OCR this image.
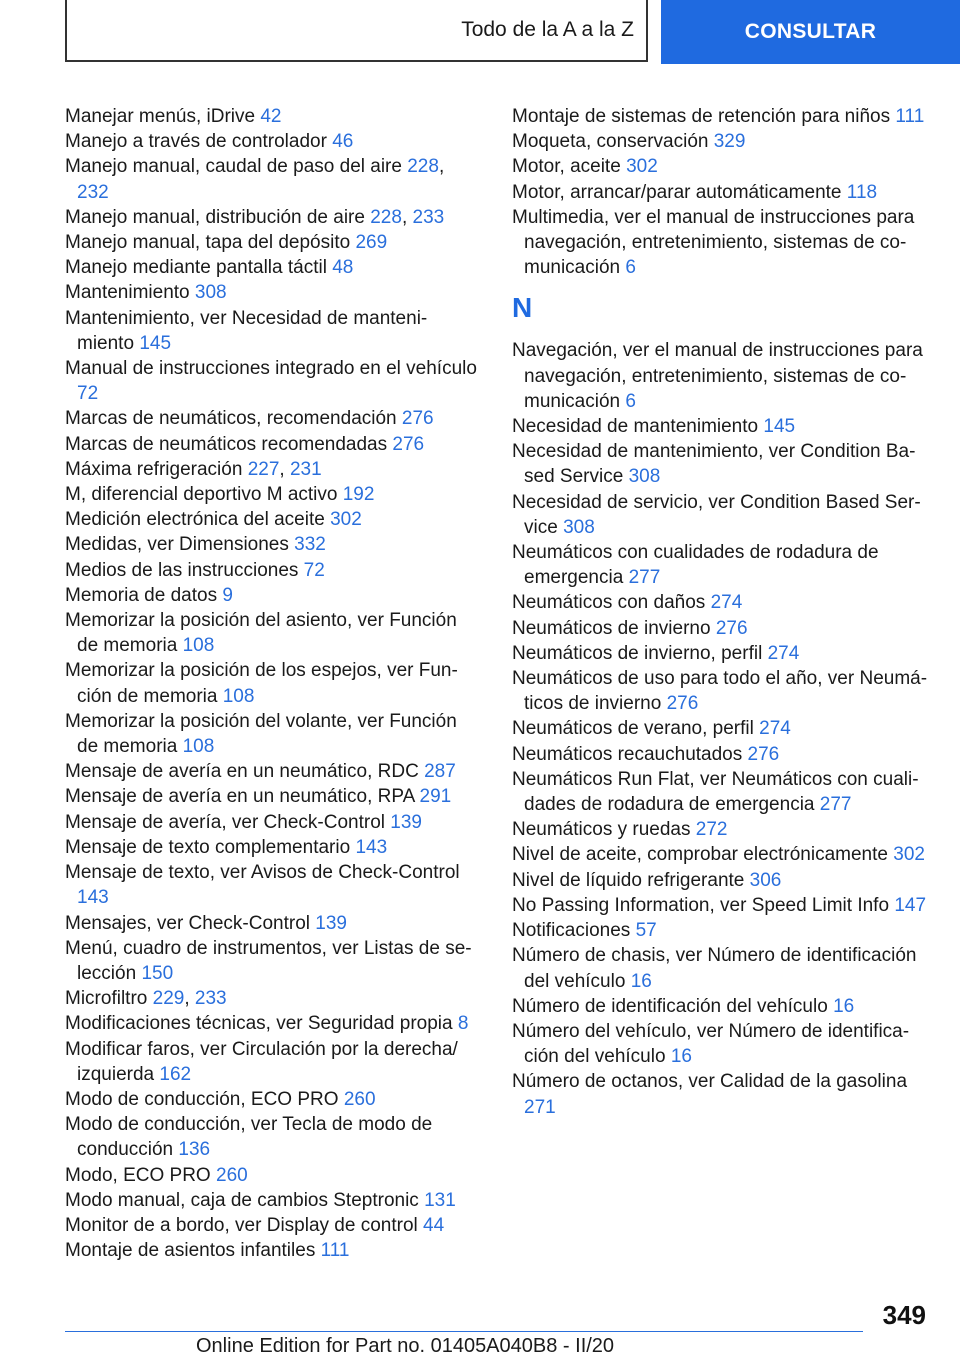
Todo de la A a la Z	CONSULTAR
Manejar menús, iDrive 42
Manejo a través de controlador 46
Manejo manual, caudal de paso del aire 228, 232
Manejo manual, distribución de aire 228, 233
Manejo manual, tapa del depósito 269
Manejo mediante pantalla táctil 48
Mantenimiento 308
Mantenimiento, ver Necesidad de mantenimiento 145
Manual de instrucciones integrado en el vehículo 72
Marcas de neumáticos, recomendación 276
Marcas de neumáticos recomendadas 276
Máxima refrigeración 227, 231
M, diferencial deportivo M activo 192
Medición electrónica del aceite 302
Medidas, ver Dimensiones 332
Medios de las instrucciones 72
Memoria de datos 9
Memorizar la posición del asiento, ver Función de memoria 108
Memorizar la posición de los espejos, ver Función de memoria 108
Memorizar la posición del volante, ver Función de memoria 108
Mensaje de avería en un neumático, RDC 287
Mensaje de avería en un neumático, RPA 291
Mensaje de avería, ver Check-Control 139
Mensaje de texto complementario 143
Mensaje de texto, ver Avisos de Check-Control 143
Mensajes, ver Check-Control 139
Menú, cuadro de instrumentos, ver Listas de selección 150
Microfiltro 229, 233
Modificaciones técnicas, ver Seguridad propia 8
Modificar faros, ver Circulación por la derecha/ izquierda 162
Modo de conducción, ECO PRO 260
Modo de conducción, ver Tecla de modo de conducción 136
Modo, ECO PRO 260
Modo manual, caja de cambios Steptronic 131
Monitor de a bordo, ver Display de control 44
Montaje de asientos infantiles 111
Montaje de sistemas de retención para niños 111
Moqueta, conservación 329
Motor, aceite 302
Motor, arrancar/parar automáticamente 118
Multimedia, ver el manual de instrucciones para navegación, entretenimiento, sistemas de comunicación 6
N
Navegación, ver el manual de instrucciones para navegación, entretenimiento, sistemas de comunicación 6
Necesidad de mantenimiento 145
Necesidad de mantenimiento, ver Condition Based Service 308
Necesidad de servicio, ver Condition Based Service 308
Neumáticos con cualidades de rodadura de emergencia 277
Neumáticos con daños 274
Neumáticos de invierno 276
Neumáticos de invierno, perfil 274
Neumáticos de uso para todo el año, ver Neumáticos de invierno 276
Neumáticos de verano, perfil 274
Neumáticos recauchutados 276
Neumáticos Run Flat, ver Neumáticos con cualidades de rodadura de emergencia 277
Neumáticos y ruedas 272
Nivel de aceite, comprobar electrónicamente 302
Nivel de líquido refrigerante 306
No Passing Information, ver Speed Limit Info 147
Notificaciones 57
Número de chasis, ver Número de identificación del vehículo 16
Número de identificación del vehículo 16
Número del vehículo, ver Número de identificación del vehículo 16
Número de octanos, ver Calidad de la gasolina 271
349
Online Edition for Part no. 01405A040B8 - II/20
